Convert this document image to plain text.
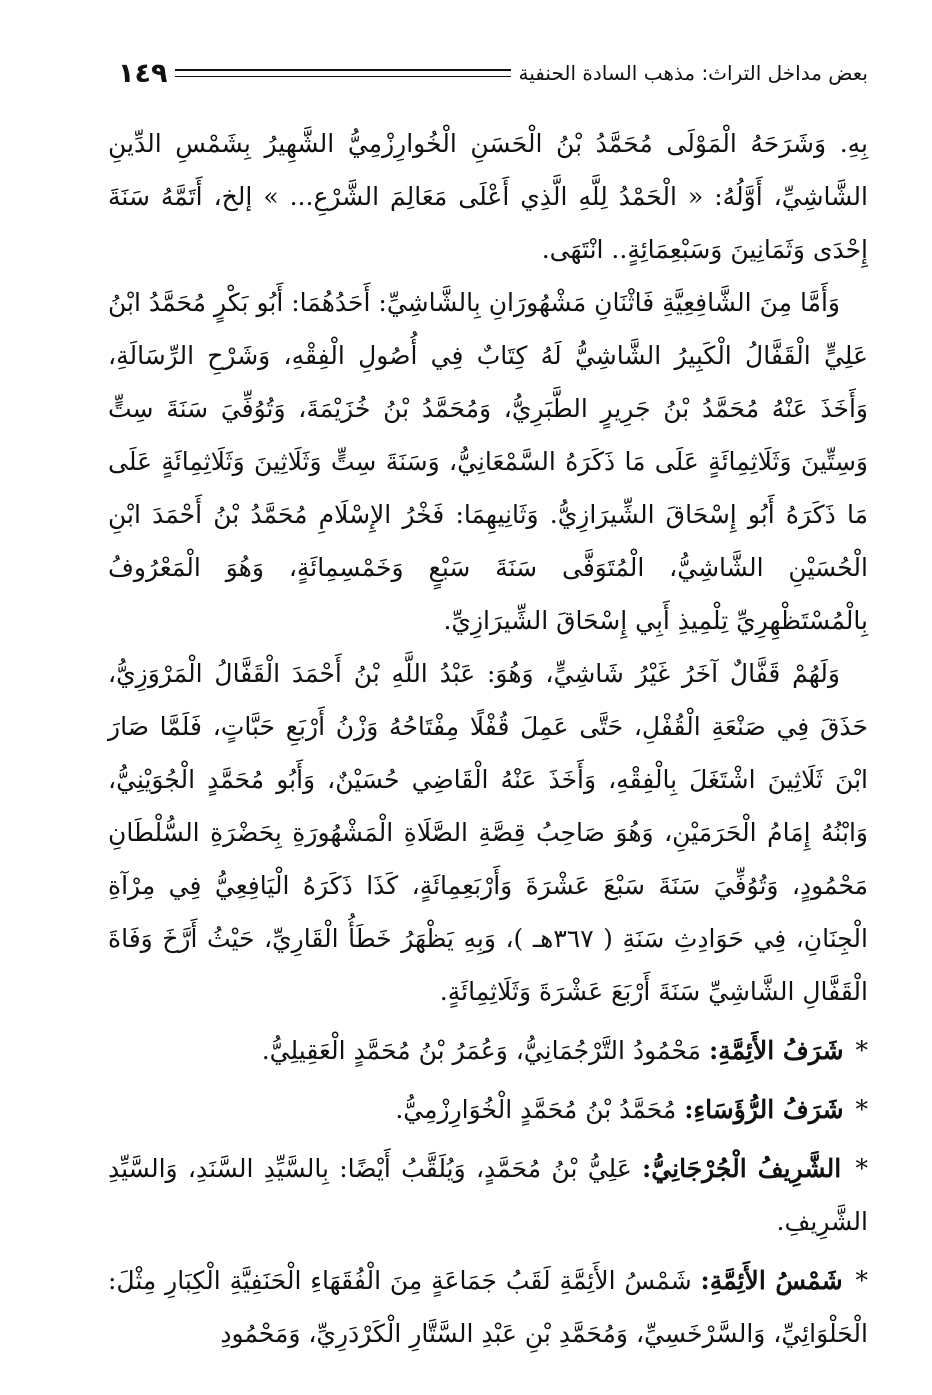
بعض مداخل التراث: مذهب السادة الحنفية
١٤٩

بِهِ. وَشَرَحَهُ الْمَوْلَى مُحَمَّدُ بْنُ الْحَسَنِ الْخُوارِزْمِيُّ الشَّهِيرُ بِشَمْسِ الدِّينِ الشَّاشِيِّ، أَوَّلُهُ: « الْحَمْدُ لِلَّهِ الَّذِي أَعْلَى مَعَالِمَ الشَّرْعِ... » إلخ، أَتَمَّهُ سَنَةَ إِحْدَى وَثَمَانِينَ وَسَبْعِمَائِةٍ.. انْتَهَى.

وَأَمَّا مِنَ الشَّافِعِيَّةِ فَاثْنَانِ مَشْهُورَانِ بِالشَّاشِيِّ: أَحَدُهُمَا: أَبُو بَكْرٍ مُحَمَّدُ ابْنُ عَلِيٍّ الْقَفَّالُ الْكَبِيرُ الشَّاشِيُّ لَهُ كِتَابٌ فِي أُصُولِ الْفِقْهِ، وَشَرْحِ الرِّسَالَةِ، وَأَخَذَ عَنْهُ مُحَمَّدُ بْنُ جَرِيرٍ الطَّبَرِيُّ، وَمُحَمَّدُ بْنُ خُزَيْمَةَ، وَتُوُفِّيَ سَنَةَ سِتٍّ وَسِتِّينَ وَثَلَاثِمِائَةٍ عَلَى مَا ذَكَرَهُ السَّمْعَانِيُّ، وَسَنَةَ سِتٍّ وَثَلَاثِينَ وَثَلَاثِمِائَةٍ عَلَى مَا ذَكَرَهُ أَبُو إِسْحَاقَ الشِّيرَازِيُّ. وَثَانِيهِمَا: فَخْرُ الإِسْلَامِ مُحَمَّدُ بْنُ أَحْمَدَ ابْنِ الْحُسَيْنِ الشَّاشِيُّ، الْمُتَوَفَّى سَنَةَ سَبْعٍ وَخَمْسِمِائَةٍ، وَهُوَ الْمَعْرُوفُ بِالْمُسْتَظْهِرِيِّ تِلْمِيذِ أَبِي إِسْحَاقَ الشِّيرَازِيِّ.

وَلَهُمْ قَفَّالٌ آخَرُ غَيْرُ شَاشِيٍّ، وَهُوَ: عَبْدُ اللَّهِ بْنُ أَحْمَدَ الْقَفَّالُ الْمَرْوَزِيُّ، حَذَقَ فِي صَنْعَةِ الْقُفْلِ، حَتَّى عَمِلَ قُفْلًا مِفْتَاحُهُ وَزْنُ أَرْبَعِ حَبَّاتٍ، فَلَمَّا صَارَ ابْنَ ثَلَاثِينَ اشْتَغَلَ بِالْفِقْهِ، وَأَخَذَ عَنْهُ الْقَاضِي حُسَيْنٌ، وَأَبُو مُحَمَّدٍ الْجُوَيْنِيُّ، وَابْنُهُ إِمَامُ الْحَرَمَيْنِ، وَهُوَ صَاحِبُ قِصَّةِ الصَّلَاةِ الْمَشْهُورَةِ بِحَضْرَةِ السُّلْطَانِ مَحْمُودٍ، وَتُوُفِّيَ سَنَةَ سَبْعَ عَشْرَةَ وَأَرْبَعِمِائَةٍ، كَذَا ذَكَرَهُ الْيَافِعِيُّ فِي مِرْآةِ الْجِنَانِ، فِي حَوَادِثِ سَنَةِ ( ٣٦٧هـ )، وَبِهِ يَظْهَرُ خَطَأُ الْقَارِيِّ، حَيْثُ أَرَّخَ وَفَاةَ الْقَفَّالِ الشَّاشِيِّ سَنَةَ أَرْبَعَ عَشْرَةَ وَثَلَاثِمِائَةٍ.

* شَرَفُ الأَئِمَّةِ: مَحْمُودُ التَّرْجُمَانِيُّ، وَعُمَرُ بْنُ مُحَمَّدٍ الْعَقِيلِيُّ.

* شَرَفُ الرُّؤَسَاءِ: مُحَمَّدُ بْنُ مُحَمَّدٍ الْخُوَارِزْمِيُّ.

* الشَّرِيفُ الْجُرْجَانِيُّ: عَلِيُّ بْنُ مُحَمَّدٍ، وَيُلَقَّبُ أَيْضًا: بِالسَّيِّدِ السَّنَدِ، وَالسَّيِّدِ الشَّرِيفِ.

* شَمْسُ الأَئِمَّةِ: شَمْسُ الأَئِمَّةِ لَقَبُ جَمَاعَةٍ مِنَ الْفُقَهَاءِ الْحَنَفِيَّةِ الْكِبَارِ مِثْلَ: الْحَلْوَائِيِّ، وَالسَّرْخَسِيِّ، وَمُحَمَّدِ بْنِ عَبْدِ السَّتَّارِ الْكَرْدَرِيِّ، وَمَحْمُودِ
